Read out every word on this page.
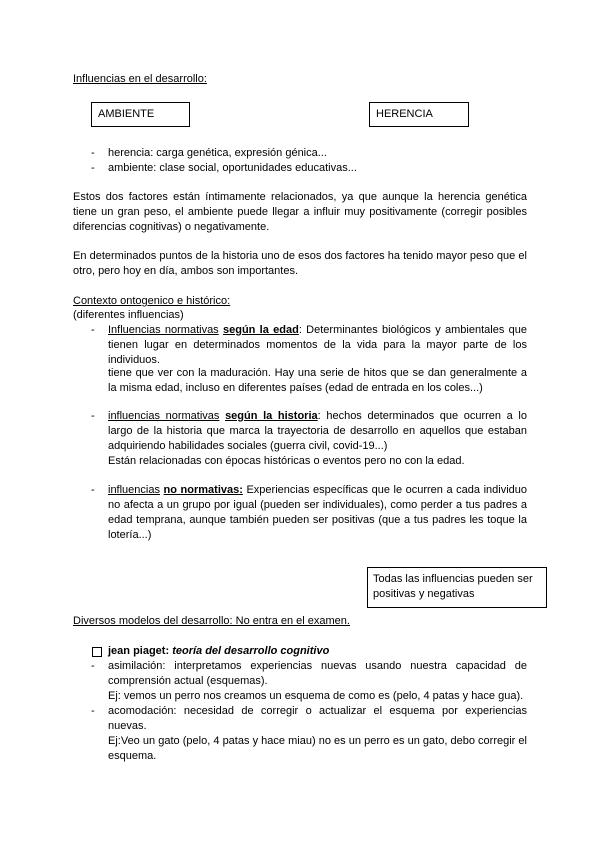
Influencias en el desarrollo:
AMBIENTE	HERENCIA
-	herencia: carga genética, expresión génica...
-	ambiente: clase social, oportunidades educativas...
Estos dos factores están íntimamente relacionados, ya que aunque la herencia genética tiene un gran peso, el ambiente puede llegar a influir muy positivamente (corregir posibles diferencias cognitivas) o negativamente.
En determinados puntos de la historia uno de esos dos factores ha tenido mayor peso que el otro, pero hoy en día, ambos son importantes.
Contexto ontogenico e histórico:
(diferentes influencias)
-	Influencias normativas según la edad: Determinantes biológicos y ambientales que tienen lugar en determinados momentos de la vida para la mayor parte de los individuos.
tiene que ver con la maduración. Hay una serie de hitos que se dan generalmente a la misma edad, incluso en diferentes países (edad de entrada en los coles...)
-	influencias normativas según la historia: hechos determinados que ocurren a lo largo de la historia que marca la trayectoria de desarrollo en aquellos que estaban adquiriendo habilidades sociales (guerra civil, covid-19...)
Están relacionadas con épocas históricas o eventos pero no con la edad.
-	influencias no normativas: Experiencias específicas que le ocurren a cada individuo no afecta a un grupo por igual (pueden ser individuales), como perder a tus padres a edad temprana, aunque también pueden ser positivas (que a tus padres les toque la lotería...)
Todas las influencias pueden ser positivas y negativas
Diversos modelos del desarrollo: No entra en el examen.
jean piaget: teoría del desarrollo cognitivo
-	asimilación: interpretamos experiencias nuevas usando nuestra capacidad de comprensión actual (esquemas).
Ej: vemos un perro nos creamos un esquema de como es (pelo, 4 patas y hace gua).
-	acomodación: necesidad de corregir o actualizar el esquema por experiencias nuevas.
Ej:Veo un gato (pelo, 4 patas y hace miau) no es un perro es un gato, debo corregir el esquema.
